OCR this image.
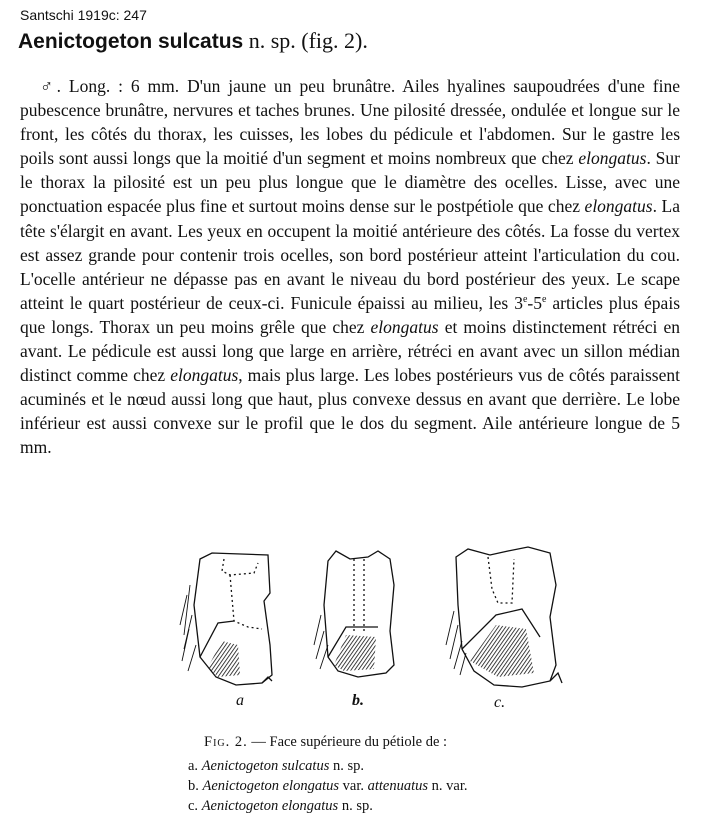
Santschi 1919c: 247
Aenictogeton sulcatus n. sp. (fig. 2).

♂. Long. : 6 mm. D'un jaune un peu brunâtre. Ailes hyalines saupoudrées d'une fine pubescence brunâtre, nervures et taches brunes. Une pilosité dressée, ondulée et longue sur le front, les côtés du thorax, les cuisses, les lobes du pédicule et l'abdomen. Sur le gastre les poils sont aussi longs que la moitié d'un segment et moins nombreux que chez elongatus. Sur le thorax la pilosité est un peu plus longue que le diamètre des ocelles. Lisse, avec une ponctuation espacée plus fine et surtout moins dense sur le postpétiole que chez elongatus. La tête s'élargit en avant. Les yeux en occupent la moitié antérieure des côtés. La fosse du vertex est assez grande pour contenir trois ocelles, son bord postérieur atteint l'articulation du cou. L'ocelle antérieur ne dépasse pas en avant le niveau du bord postérieur des yeux. Le scape atteint le quart postérieur de ceux-ci. Funicule épaissi au milieu, les 3e-5e articles plus épais que longs. Thorax un peu moins grêle que chez elongatus et moins distinctement rétréci en avant. Le pédicule est aussi long que large en arrière, rétréci en avant avec un sillon médian distinct comme chez elongatus, mais plus large. Les lobes postérieurs vus de côtés paraissent acuminés et le nœud aussi long que haut, plus convexe dessus en avant que derrière. Le lobe inférieur est aussi convexe sur le profil que le dos du segment. Aile antérieure longue de 5 mm.

a	b.	c.
Fig. 2. — Face supérieure du pétiole de :
a. Aenictogeton sulcatus n. sp.
b. Aenictogeton elongatus var. attenuatus n. var.
c. Aenictogeton elongatus n. sp.
